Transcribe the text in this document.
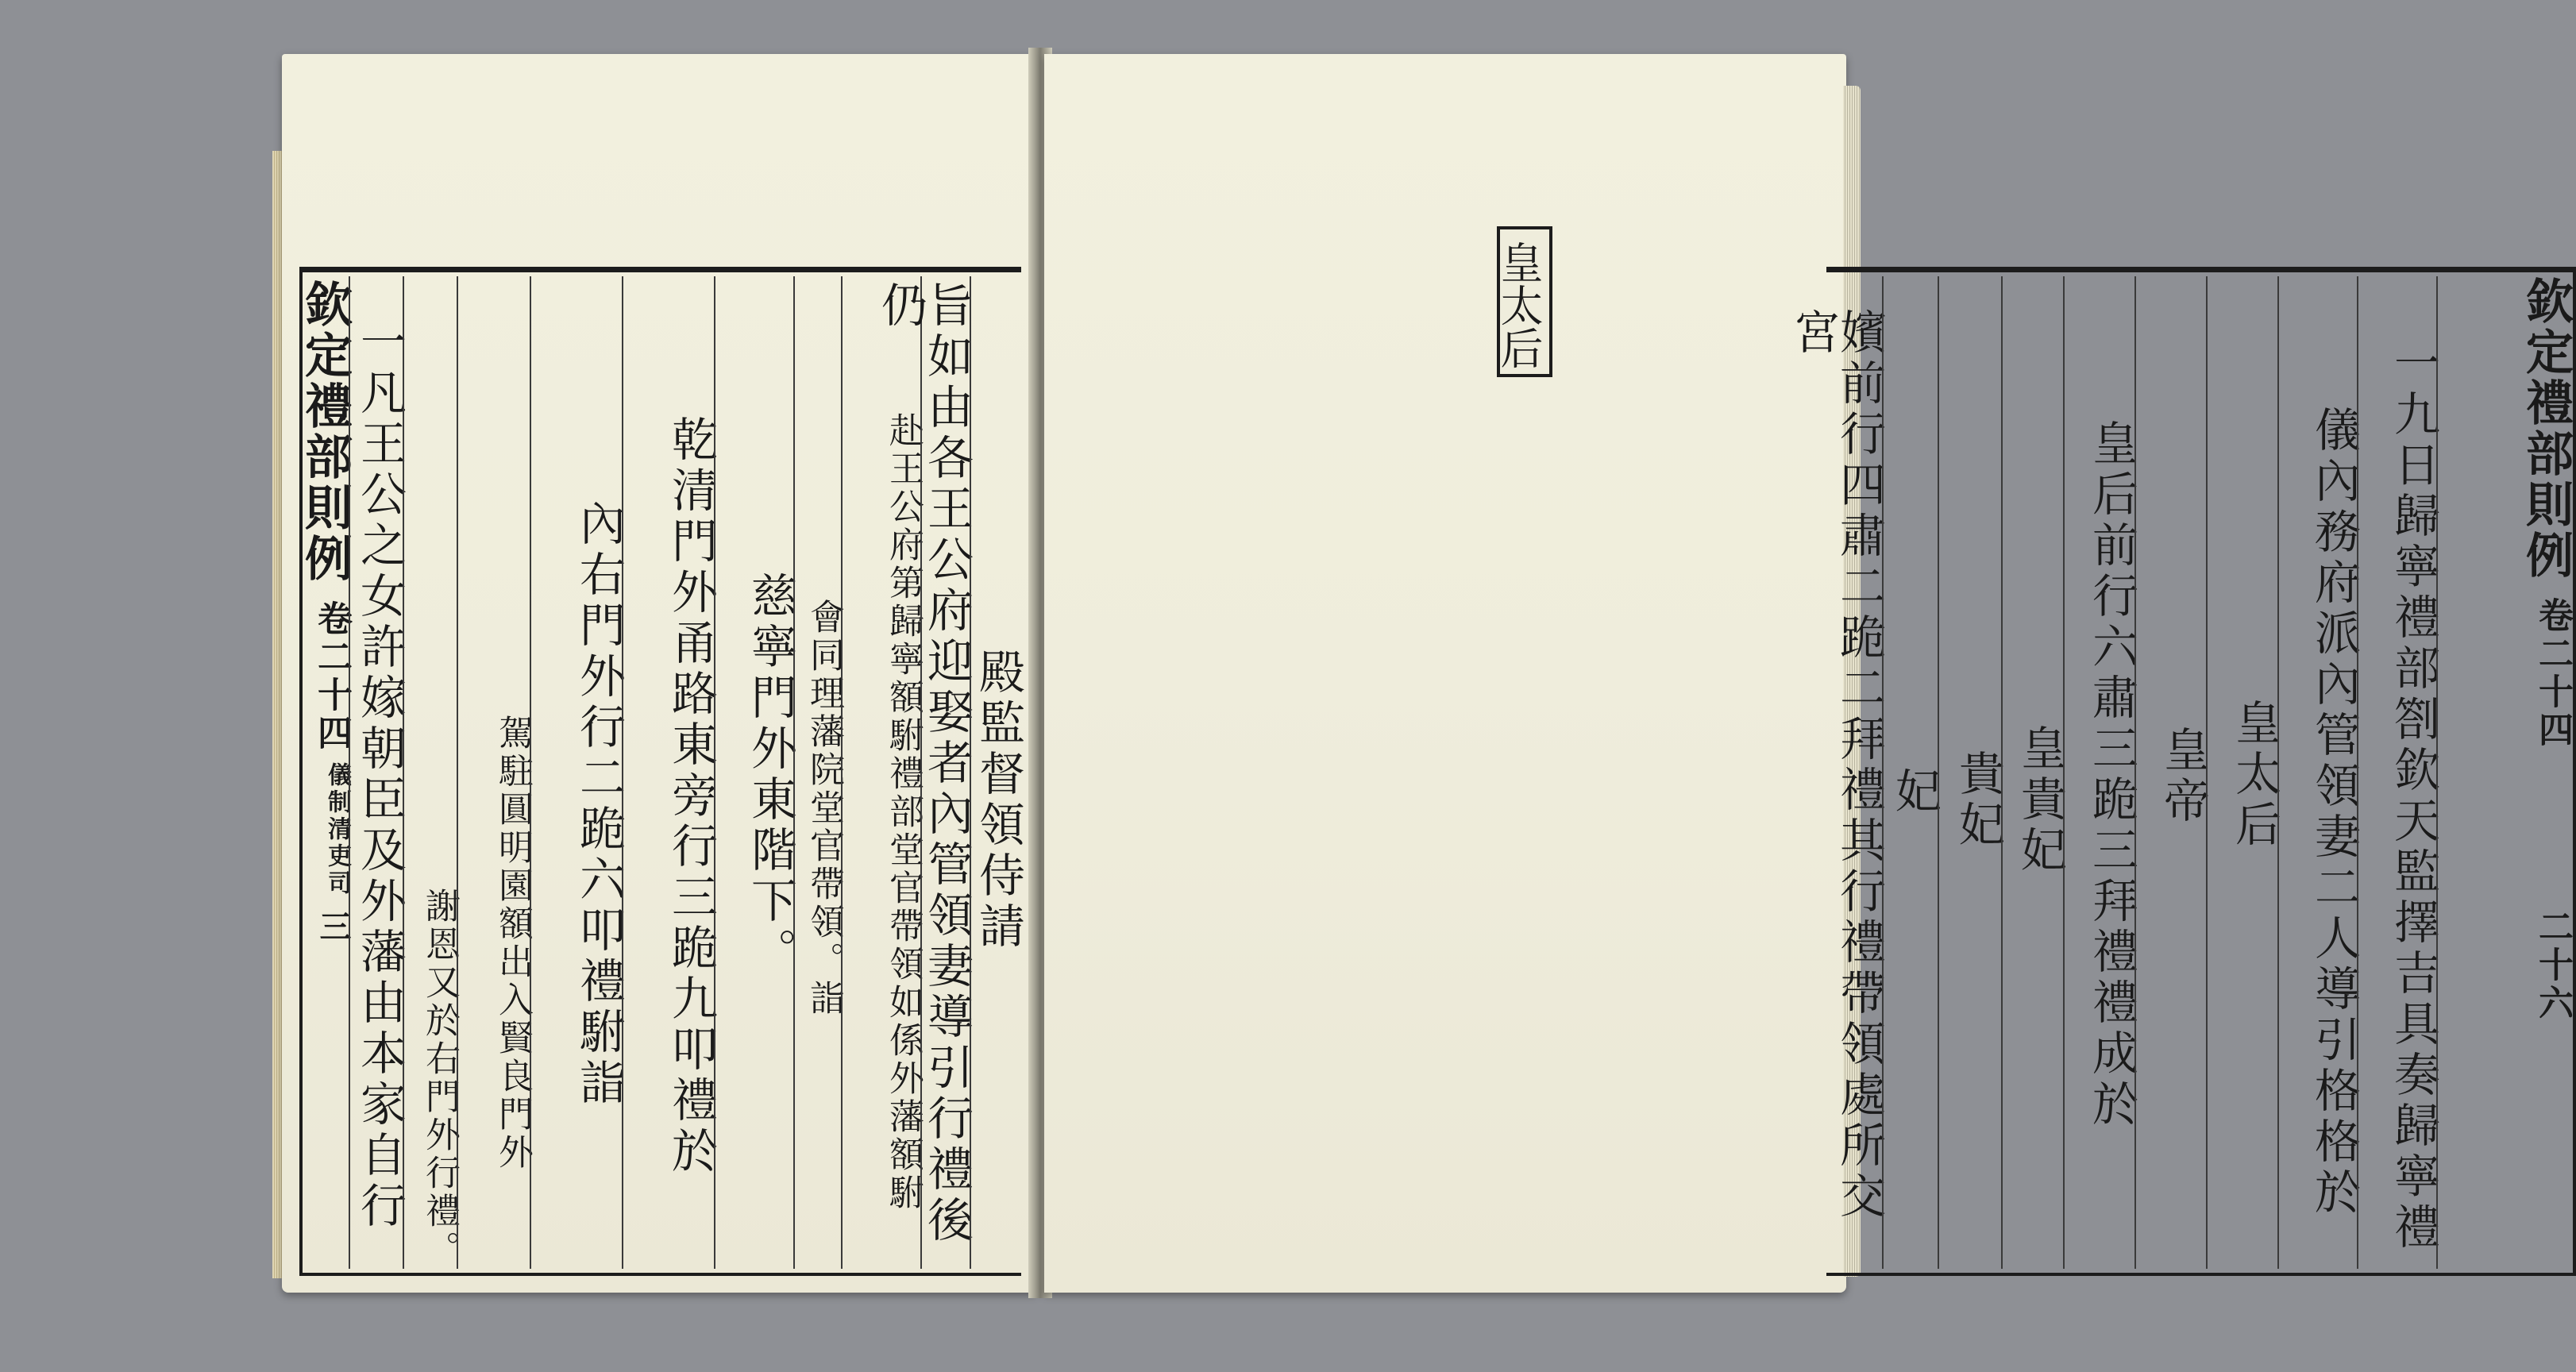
欽定禮部則例
卷二十四
儀制清吏司
三 一凡王公之女許嫁朝臣及外藩由本家自行 謝恩又於右門外行禮。 駕駐圓明園額出入賢良門外 內右門外行二跪六叩禮駙詣 乾清門外甬路東旁行三跪九叩禮於 慈寧門外東階下。 會同理藩院堂官帶領。詣	赴王公府第歸寧額駙禮部堂官帶領如係外藩額駙
旨如由各王公府迎娶者內管領妻導引行禮後仍
殿監督領侍請	嬪前行四肅二跪二拜禮其行禮帶領處所交宮
妃 貴妃 皇貴妃 皇后前行六肅三跪三拜禮禮成於 皇帝 皇太后 儀內務府派內管領妻二人導引格格於 一九日歸寧禮部劄欽天監擇吉具奏歸寧禮	欽定禮部則例
卷二十四
二十六
皇太后
